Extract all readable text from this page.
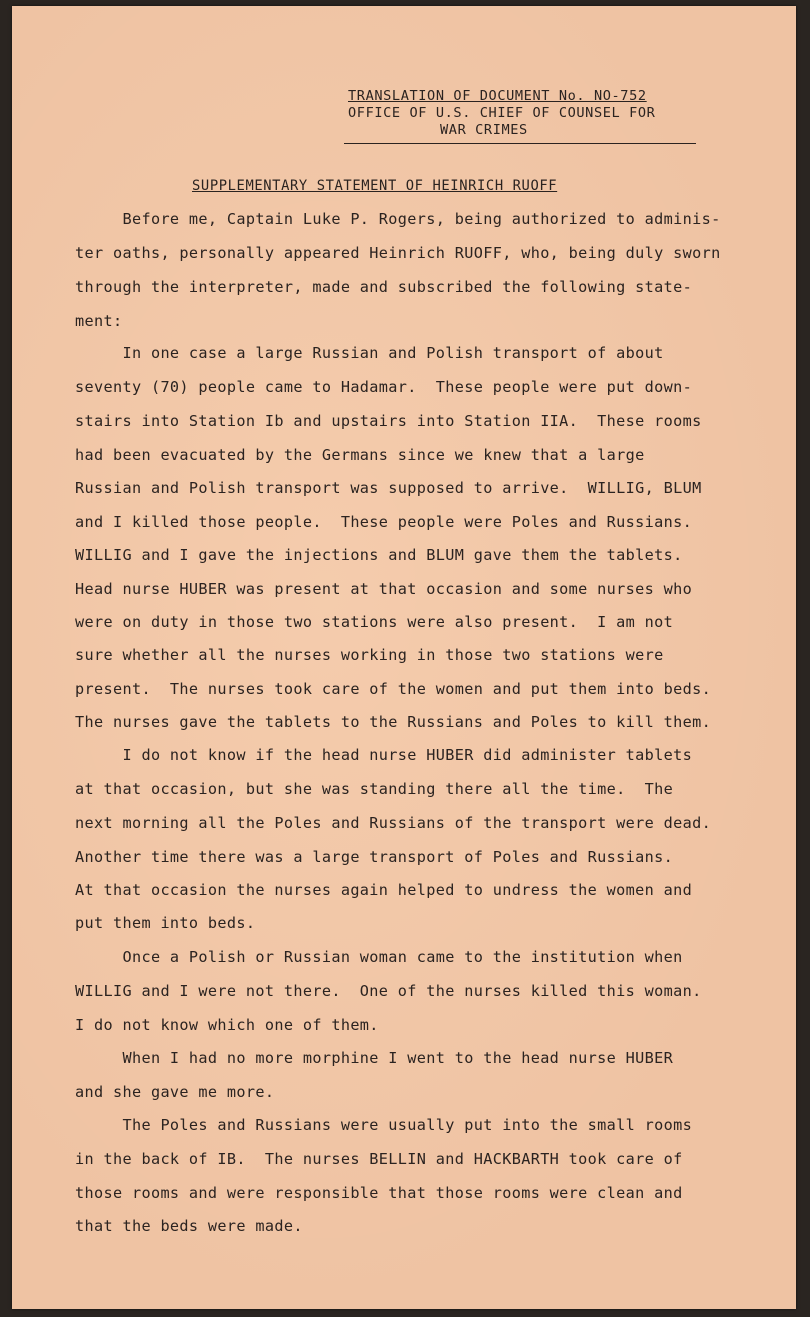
TRANSLATION OF DOCUMENT No. NO-752
OFFICE OF U.S. CHIEF OF COUNSEL FOR
WAR CRIMES
SUPPLEMENTARY STATEMENT OF HEINRICH RUOFF
Before me, Captain Luke P. Rogers, being authorized to adminis-
ter oaths, personally appeared Heinrich RUOFF, who, being duly sworn
through the interpreter, made and subscribed the following state-
ment:
In one case a large Russian and Polish transport of about
seventy (70) people came to Hadamar.  These people were put down-
stairs into Station Ib and upstairs into Station IIA.  These rooms
had been evacuated by the Germans since we knew that a large
Russian and Polish transport was supposed to arrive.  WILLIG, BLUM
and I killed those people.  These people were Poles and Russians.
WILLIG and I gave the injections and BLUM gave them the tablets.
Head nurse HUBER was present at that occasion and some nurses who
were on duty in those two stations were also present.  I am not
sure whether all the nurses working in those two stations were
present.  The nurses took care of the women and put them into beds.
The nurses gave the tablets to the Russians and Poles to kill them.
I do not know if the head nurse HUBER did administer tablets
at that occasion, but she was standing there all the time.  The
next morning all the Poles and Russians of the transport were dead.
Another time there was a large transport of Poles and Russians.
At that occasion the nurses again helped to undress the women and
put them into beds.
Once a Polish or Russian woman came to the institution when
WILLIG and I were not there.  One of the nurses killed this woman.
I do not know which one of them.
When I had no more morphine I went to the head nurse HUBER
and she gave me more.
The Poles and Russians were usually put into the small rooms
in the back of IB.  The nurses BELLIN and HACKBARTH took care of
those rooms and were responsible that those rooms were clean and
that the beds were made.
